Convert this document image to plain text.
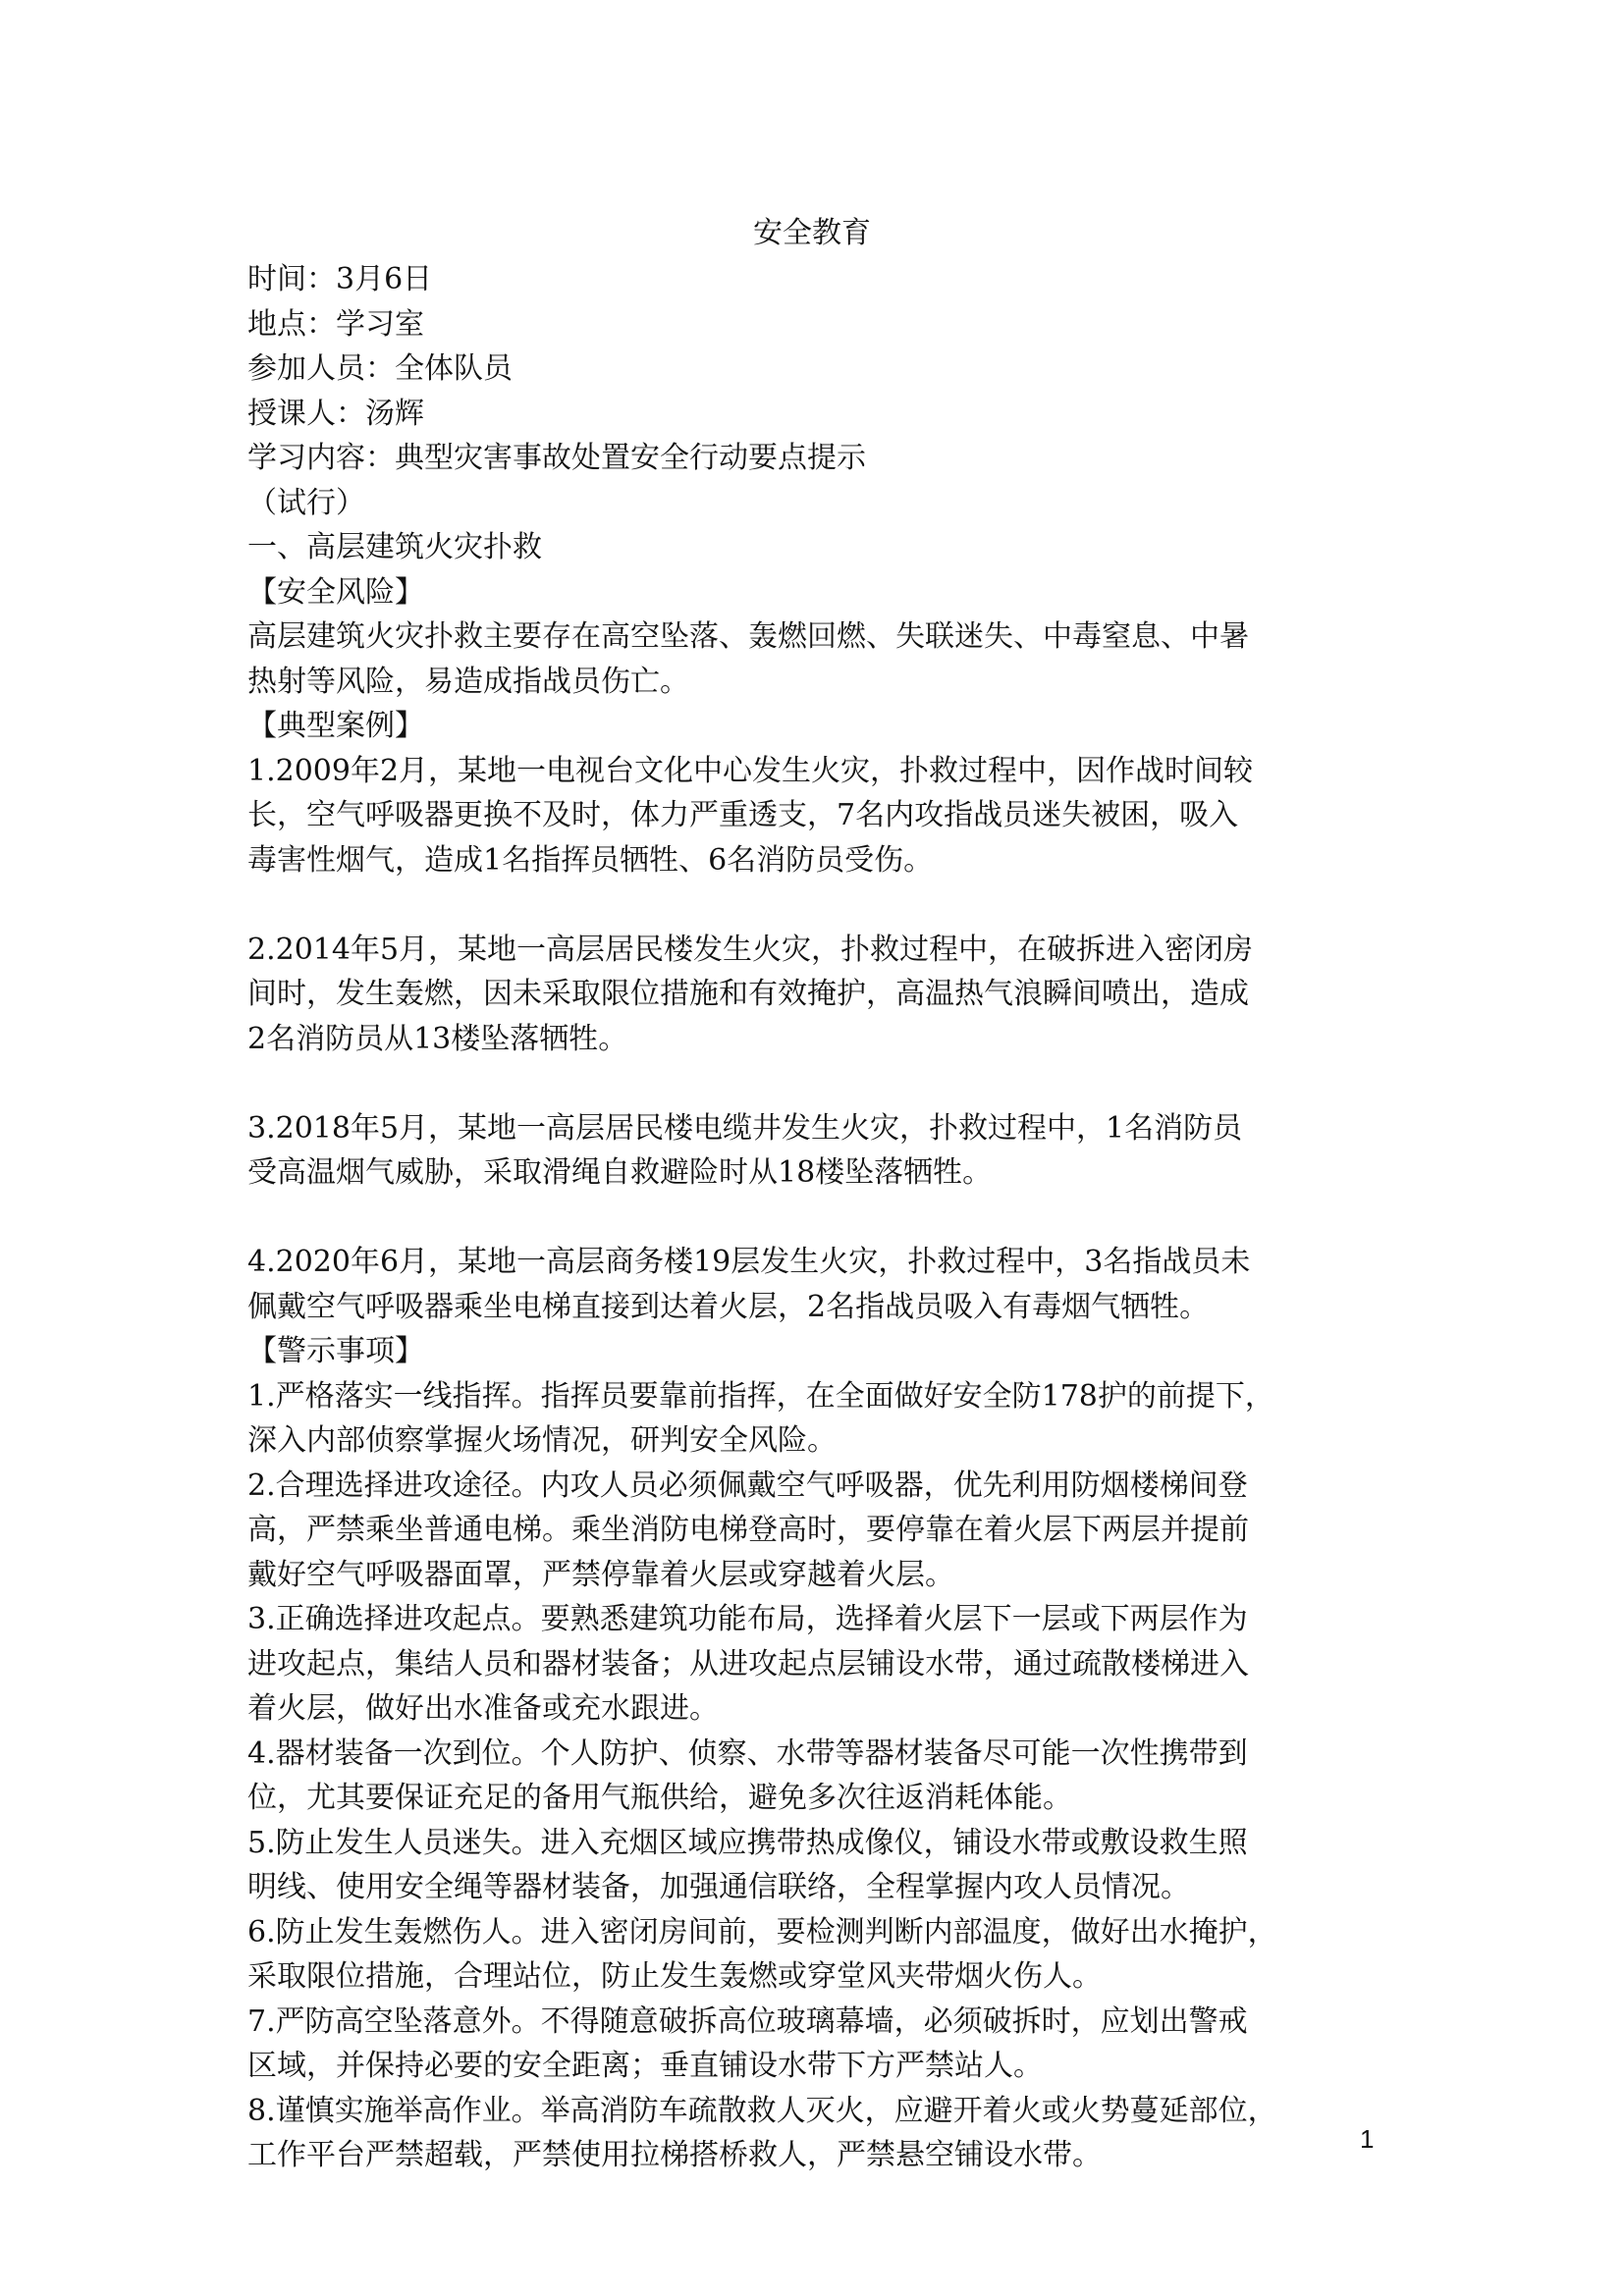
安全教育

时间：3月6日

地点：学习室

参加人员：全体队员

授课人：汤辉

学习内容：典型灾害事故处置安全行动要点提示

（试行）

一、高层建筑火灾扑救

【安全风险】

高层建筑火灾扑救主要存在高空坠落、轰燃回燃、失联迷失、中毒窒息、中暑

热射等风险，易造成指战员伤亡。

【典型案例】

1.2009年2月，某地一电视台文化中心发生火灾，扑救过程中，因作战时间较

长，空气呼吸器更换不及时，体力严重透支，7名内攻指战员迷失被困，吸入

毒害性烟气，造成1名指挥员牺牲、6名消防员受伤。

2.2014年5月，某地一高层居民楼发生火灾，扑救过程中，在破拆进入密闭房

间时，发生轰燃，因未采取限位措施和有效掩护，高温热气浪瞬间喷出，造成

2名消防员从13楼坠落牺牲。

3.2018年5月，某地一高层居民楼电缆井发生火灾，扑救过程中，1名消防员

受高温烟气威胁，采取滑绳自救避险时从18楼坠落牺牲。

4.2020年6月，某地一高层商务楼19层发生火灾，扑救过程中，3名指战员未

佩戴空气呼吸器乘坐电梯直接到达着火层，2名指战员吸入有毒烟气牺牲。

【警示事项】

1.严格落实一线指挥。指挥员要靠前指挥，在全面做好安全防178护的前提下，

深入内部侦察掌握火场情况，研判安全风险。

2.合理选择进攻途径。内攻人员必须佩戴空气呼吸器，优先利用防烟楼梯间登

高，严禁乘坐普通电梯。乘坐消防电梯登高时，要停靠在着火层下两层并提前

戴好空气呼吸器面罩，严禁停靠着火层或穿越着火层。

3.正确选择进攻起点。要熟悉建筑功能布局，选择着火层下一层或下两层作为

进攻起点，集结人员和器材装备；从进攻起点层铺设水带，通过疏散楼梯进入

着火层，做好出水准备或充水跟进。

4.器材装备一次到位。个人防护、侦察、水带等器材装备尽可能一次性携带到

位，尤其要保证充足的备用气瓶供给，避免多次往返消耗体能。

5.防止发生人员迷失。进入充烟区域应携带热成像仪，铺设水带或敷设救生照

明线、使用安全绳等器材装备，加强通信联络，全程掌握内攻人员情况。

6.防止发生轰燃伤人。进入密闭房间前，要检测判断内部温度，做好出水掩护，

采取限位措施，合理站位，防止发生轰燃或穿堂风夹带烟火伤人。

7.严防高空坠落意外。不得随意破拆高位玻璃幕墙，必须破拆时，应划出警戒

区域，并保持必要的安全距离；垂直铺设水带下方严禁站人。

8.谨慎实施举高作业。举高消防车疏散救人灭火，应避开着火或火势蔓延部位，

工作平台严禁超载，严禁使用拉梯搭桥救人，严禁悬空铺设水带。	1
